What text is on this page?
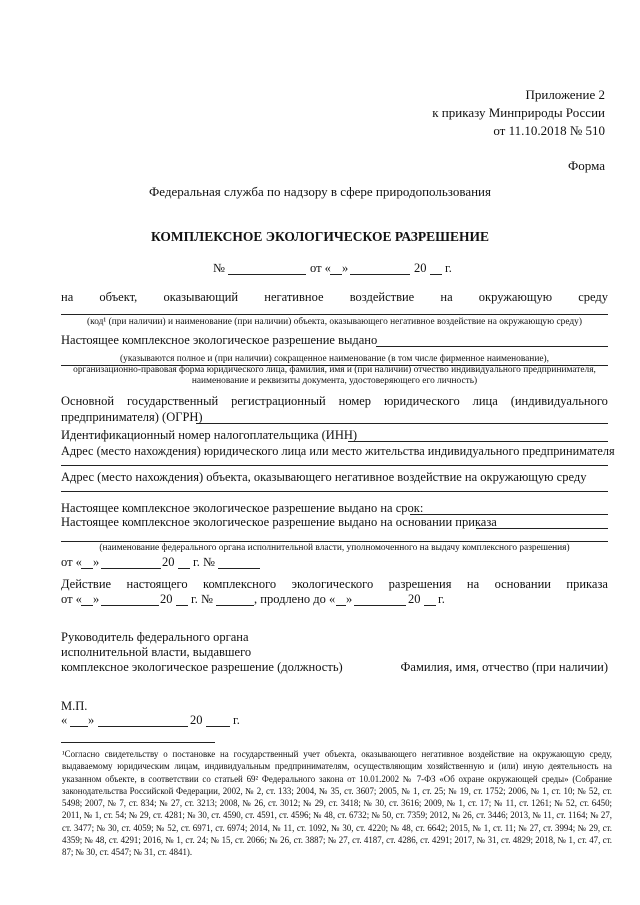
Приложение 2
к приказу Минприроды России
от 11.10.2018 № 510
Форма
Федеральная служба по надзору в сфере природопользования
КОМПЛЕКСНОЕ ЭКОЛОГИЧЕСКОЕ РАЗРЕШЕНИЕ
№	от « »	20 г.
на объект, оказывающий негативное воздействие на окружающую среду
(код¹ (при наличии) и наименование (при наличии) объекта, оказывающего негативное воздействие на окружающую среду)
Настоящее комплексное экологическое разрешение выдано
(указываются полное и (при наличии) сокращенное наименование (в том числе фирменное наименование),
организационно-правовая форма юридического лица, фамилия, имя и (при наличии) отчество индивидуального предпринимателя,
наименование и реквизиты документа, удостоверяющего его личность)
Основной государственный регистрационный номер юридического лица (индивидуального
предпринимателя) (ОГРН)
Идентификационный номер налогоплательщика (ИНН)
Адрес (место нахождения) юридического лица или место жительства индивидуального предпринимателя
Адрес (место нахождения) объекта, оказывающего негативное воздействие на окружающую среду
Настоящее комплексное экологическое разрешение выдано на срок:
Настоящее комплексное экологическое разрешение выдано на основании приказа
(наименование федерального органа исполнительной власти, уполномоченного на выдачу комплексного разрешения)
от « »	20 г. №
Действие настоящего комплексного экологического разрешения на основании приказа
от « »	20 г. №	, продлено до « »	20 г.
Руководитель федерального органа
исполнительной власти, выдавшего
комплексное экологическое разрешение (должность)	Фамилия, имя, отчество (при наличии)
М.П.
« »	20 г.
¹Согласно свидетельству о постановке на государственный учет объекта, оказывающего негативное воздействие на окружающую среду, выдаваемому юридическим лицам, индивидуальным предпринимателям, осуществляющим хозяйственную и (или) иную деятельность на указанном объекте, в соответствии со статьей 69² Федерального закона от 10.01.2002 № 7-ФЗ «Об охране окружающей среды» (Собрание законодательства Российской Федерации, 2002, № 2, ст. 133; 2004, № 35, ст. 3607; 2005, № 1, ст. 25; № 19, ст. 1752; 2006, № 1, ст. 10; № 52, ст. 5498; 2007, № 7, ст. 834; № 27, ст. 3213; 2008, № 26, ст. 3012; № 29, ст. 3418; № 30, ст. 3616; 2009, № 1, ст. 17; № 11, ст. 1261; № 52, ст. 6450; 2011, № 1, ст. 54; № 29, ст. 4281; № 30, ст. 4590, ст. 4591, ст. 4596; № 48, ст. 6732; № 50, ст. 7359; 2012, № 26, ст. 3446; 2013, № 11, ст. 1164; № 27, ст. 3477; № 30, ст. 4059; № 52, ст. 6971, ст. 6974; 2014, № 11, ст. 1092, № 30, ст. 4220; № 48, ст. 6642; 2015, № 1, ст. 11; № 27, ст. 3994; № 29, ст. 4359; № 48, ст. 4291; 2016, № 1, ст. 24; № 15, ст. 2066; № 26, ст. 3887; № 27, ст. 4187, ст. 4286, ст. 4291; 2017, № 31, ст. 4829; 2018, № 1, ст. 47, ст. 87; № 30, ст. 4547; № 31, ст. 4841).
